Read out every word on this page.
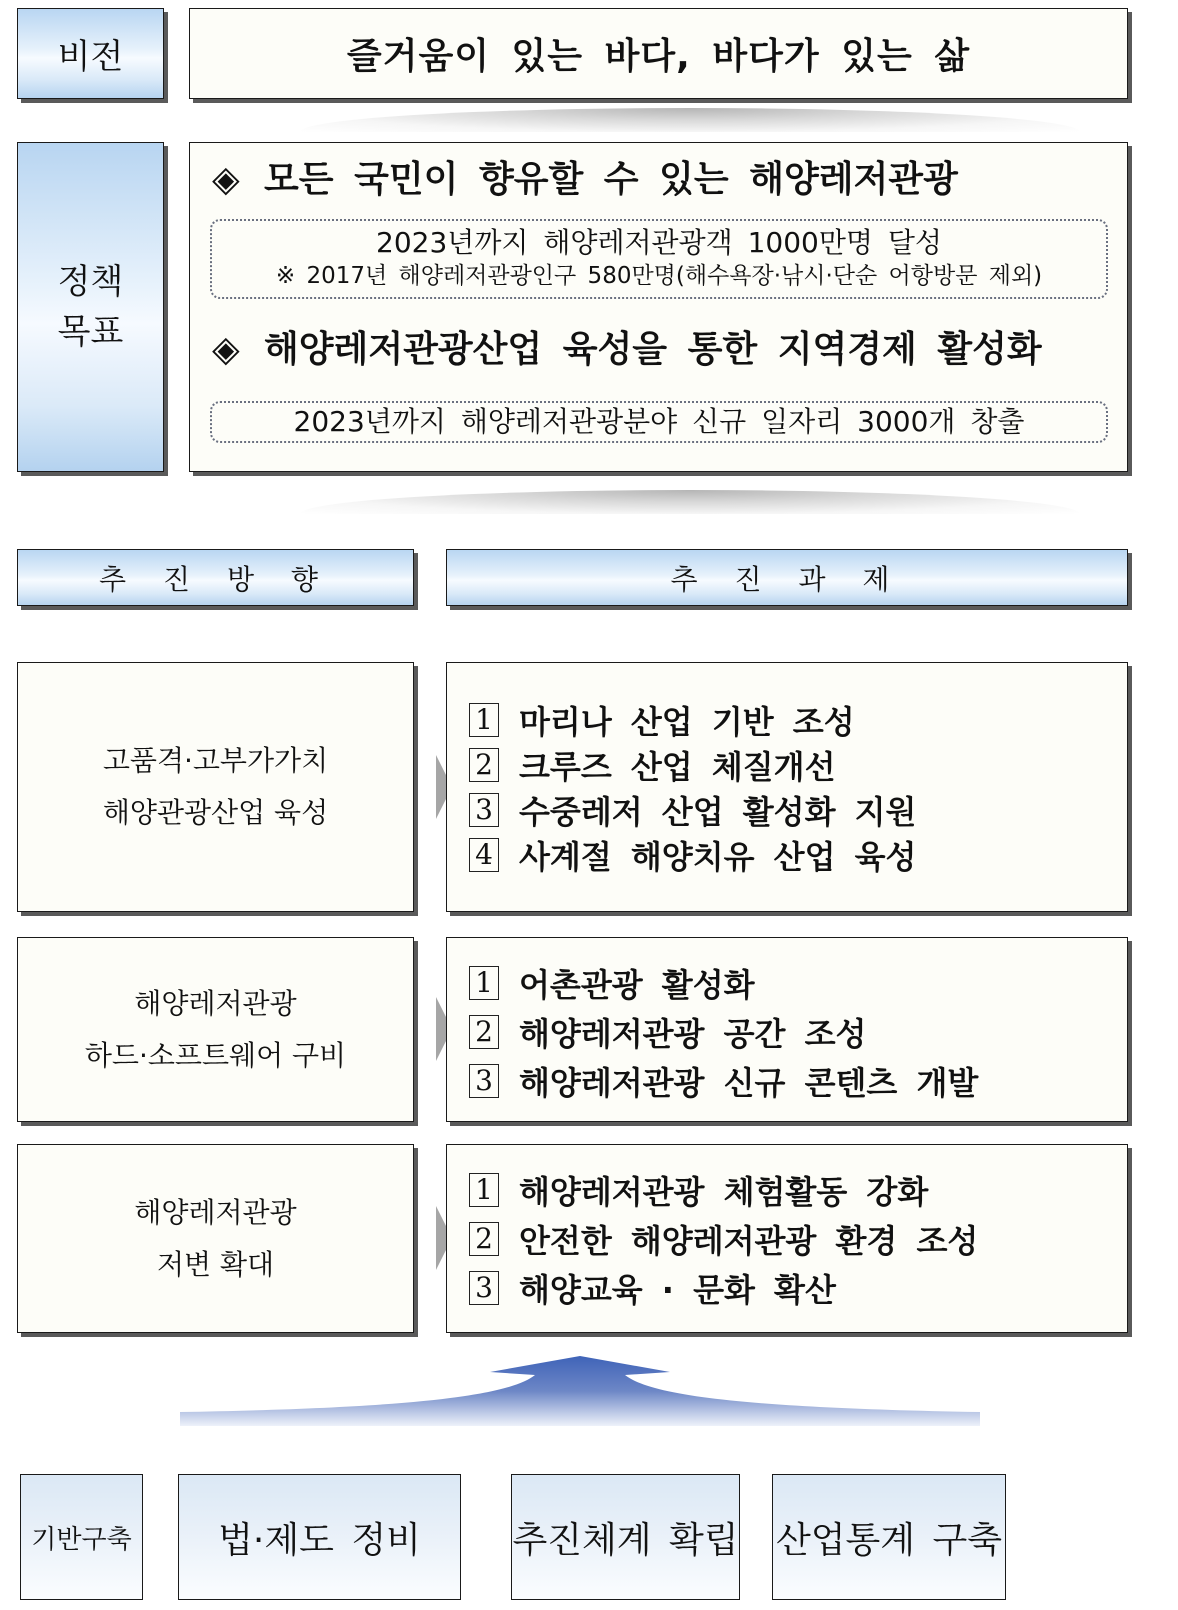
비전	즐거움이 있는 바다, 바다가 있는 삶
정책
목표
◈ 모든 국민이 향유할 수 있는 해양레저관광
2023년까지 해양레저관광객 1000만명 달성
※ 2017년 해양레저관광인구 580만명(해수욕장·낚시·단순 어항방문 제외)
◈ 해양레저관광산업 육성을 통한 지역경제 활성화
2023년까지 해양레저관광분야 신규 일자리 3000개 창출
추 진 방 향	추 진 과 제
고품격·고부가가치
해양관광산업 육성
1 마리나 산업 기반 조성
2 크루즈 산업 체질개선
3 수중레저 산업 활성화 지원
4 사계절 해양치유 산업 육성
해양레저관광
하드·소프트웨어 구비
1 어촌관광 활성화
2 해양레저관광 공간 조성
3 해양레저관광 신규 콘텐츠 개발
해양레저관광
저변 확대
1 해양레저관광 체험활동 강화
2 안전한 해양레저관광 환경 조성
3 해양교육 · 문화 확산
기반구축 법·제도 정비	추진체계 확립 산업통계 구축
